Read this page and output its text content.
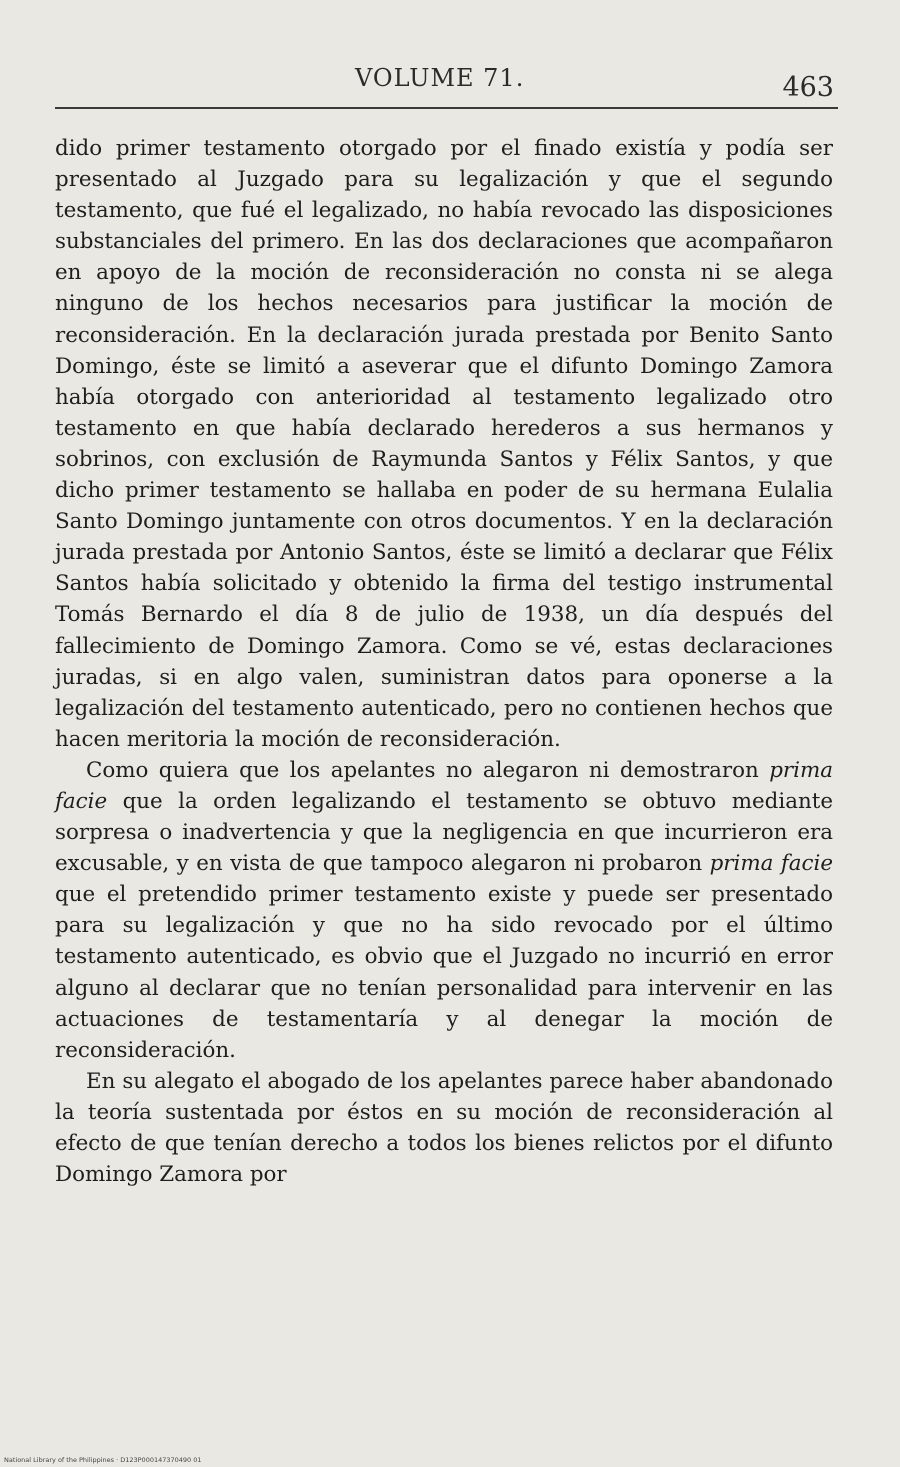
VOLUME 71.	463

dido primer testamento otorgado por el finado existía y podía ser presentado al Juzgado para su legalización y que el segundo testamento, que fué el legalizado, no había revocado las disposiciones substanciales del primero. En las dos declaraciones que acompañaron en apoyo de la moción de reconsideración no consta ni se alega ninguno de los hechos necesarios para justificar la moción de reconsideración. En la declaración jurada prestada por Benito Santo Domingo, éste se limitó a aseverar que el difunto Domingo Zamora había otorgado con anterioridad al testamento legalizado otro testamento en que había declarado herederos a sus hermanos y sobrinos, con exclusión de Raymunda Santos y Félix Santos, y que dicho primer testamento se hallaba en poder de su hermana Eulalia Santo Domingo juntamente con otros documentos. Y en la declaración jurada prestada por Antonio Santos, éste se limitó a declarar que Félix Santos había solicitado y obtenido la firma del testigo instrumental Tomás Bernardo el día 8 de julio de 1938, un día después del fallecimiento de Domingo Zamora. Como se vé, estas declaraciones juradas, si en algo valen, suministran datos para oponerse a la legalización del testamento autenticado, pero no contienen hechos que hacen meritoria la moción de reconsideración.

Como quiera que los apelantes no alegaron ni demostraron prima facie que la orden legalizando el testamento se obtuvo mediante sorpresa o inadvertencia y que la negligencia en que incurrieron era excusable, y en vista de que tampoco alegaron ni probaron prima facie que el pretendido primer testamento existe y puede ser presentado para su legalización y que no ha sido revocado por el último testamento autenticado, es obvio que el Juzgado no incurrió en error alguno al declarar que no tenían personalidad para intervenir en las actuaciones de testamentaría y al denegar la moción de reconsideración.

En su alegato el abogado de los apelantes parece haber abandonado la teoría sustentada por éstos en su moción de reconsideración al efecto de que tenían derecho a todos los bienes relictos por el difunto Domingo Zamora por

National Library of the Philippines · D123P000147370490 01
